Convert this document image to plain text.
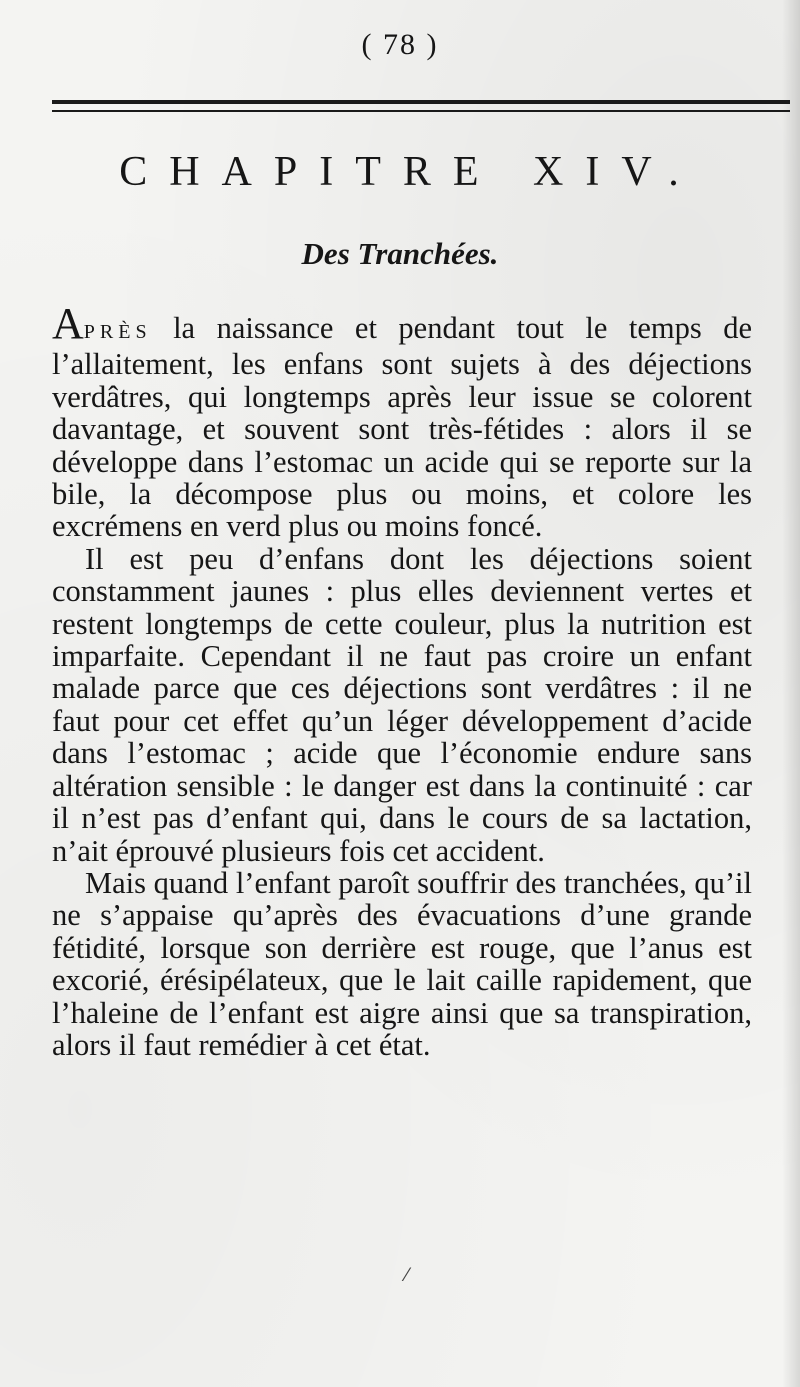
( 78 )
CHAPITRE XIV.
Des Tranchées.

APRÈS la naissance et pendant tout le temps de l’allaitement, les enfans sont sujets à des déjections verdâtres, qui longtemps après leur issue se colorent davantage, et souvent sont très-fétides : alors il se développe dans l’estomac un acide qui se reporte sur la bile, la décompose plus ou moins, et colore les excrémens en verd plus ou moins foncé.

Il est peu d’enfans dont les déjections soient constamment jaunes : plus elles deviennent vertes et restent longtemps de cette couleur, plus la nutrition est imparfaite. Cependant il ne faut pas croire un enfant malade parce que ces déjections sont verdâtres : il ne faut pour cet effet qu’un léger développement d’acide dans l’estomac ; acide que l’économie endure sans altération sensible : le danger est dans la continuité : car il n’est pas d’enfant qui, dans le cours de sa lactation, n’ait éprouvé plusieurs fois cet accident.

Mais quand l’enfant paroît souffrir des tranchées, qu’il ne s’appaise qu’après des évacuations d’une grande fétidité, lorsque son derrière est rouge, que l’anus est excorié, érésipélateux, que le lait caille rapidement, que l’haleine de l’enfant est aigre ainsi que sa transpiration, alors il faut remédier à cet état.

⁄
